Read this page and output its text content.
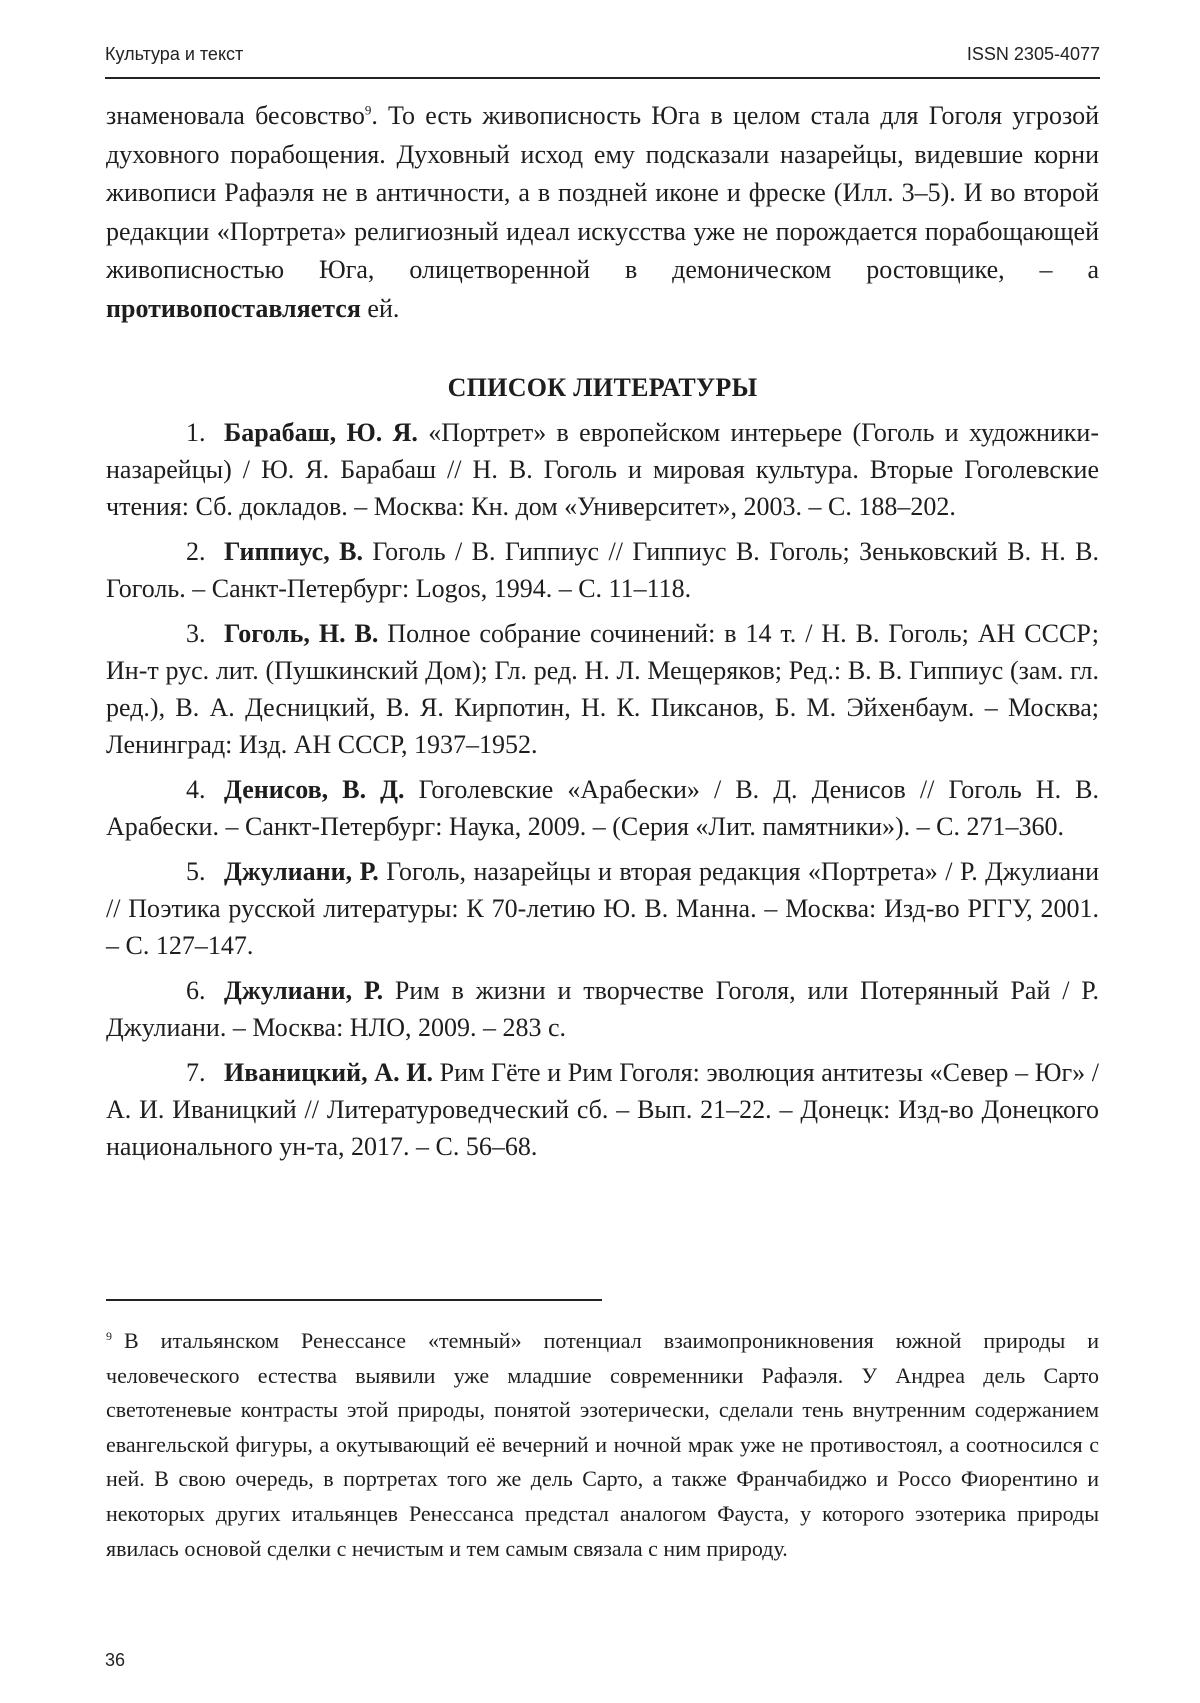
Культура и текст	ISSN 2305-4077

знаменовала бесовство$^9$. То есть живописность Юга в целом стала для Гоголя угрозой духовного порабощения. Духовный исход ему подсказали назарейцы, видевшие корни живописи Рафаэля не в античности, а в поздней иконе и фреске (Илл. 3–5). И во второй редакции «Портрета» религиозный идеал искусства уже не порождается порабощающей живописностью Юга, олицетворенной в демоническом ростовщике, – а противопоставляется ей.

СПИСОК ЛИТЕРАТУРЫ
1. Барабаш, Ю. Я. «Портрет» в европейском интерьере (Гоголь и художники-назарейцы) / Ю. Я. Барабаш // Н. В. Гоголь и мировая культура. Вторые Гоголевские чтения: Сб. докладов. – Москва: Кн. дом «Университет», 2003. – С. 188–202.
2. Гиппиус, В. Гоголь / В. Гиппиус // Гиппиус В. Гоголь; Зеньковский В. Н. В. Гоголь. – Санкт-Петербург: Logos, 1994. – С. 11–118.
3. Гоголь, Н. В. Полное собрание сочинений: в 14 т. / Н. В. Гоголь; АН СССР; Ин-т рус. лит. (Пушкинский Дом); Гл. ред. Н. Л. Мещеряков; Ред.: В. В. Гиппиус (зам. гл. ред.), В. А. Десницкий, В. Я. Кирпотин, Н. К. Пиксанов, Б. М. Эйхенбаум. – Москва; Ленинград: Изд. АН СССР, 1937–1952.
4. Денисов, В. Д. Гоголевские «Арабески» / В. Д. Денисов // Гоголь Н. В. Арабески. – Санкт-Петербург: Наука, 2009. – (Серия «Лит. памятники»). – С. 271–360.
5. Джулиани, Р. Гоголь, назарейцы и вторая редакция «Портрета» / Р. Джулиани // Поэтика русской литературы: К 70-летию Ю. В. Манна. – Москва: Изд-во РГГУ, 2001. – С. 127–147.
6. Джулиани, Р. Рим в жизни и творчестве Гоголя, или Потерянный Рай / Р. Джулиани. – Москва: НЛО, 2009. – 283 с.
7. Иваницкий, А. И. Рим Гёте и Рим Гоголя: эволюция антитезы «Север – Юг» / А. И. Иваницкий // Литературоведческий сб. – Вып. 21–22. – Донецк: Изд-во Донецкого национального ун-та, 2017. – С. 56–68.

$^9$ В итальянском Ренессансе «темный» потенциал взаимопроникновения южной природы и человеческого естества выявили уже младшие современники Рафаэля. У Андреа дель Сарто светотеневые контрасты этой природы, понятой эзотерически, сделали тень внутренним содержанием евангельской фигуры, а окутывающий её вечерний и ночной мрак уже не противостоял, а соотносился с ней. В свою очередь, в портретах того же дель Сарто, а также Франчабиджо и Россо Фиорентино и некоторых других итальянцев Ренессанса предстал аналогом Фауста, у которого эзотерика природы явилась основой сделки с нечистым и тем самым связала с ним природу.

36
